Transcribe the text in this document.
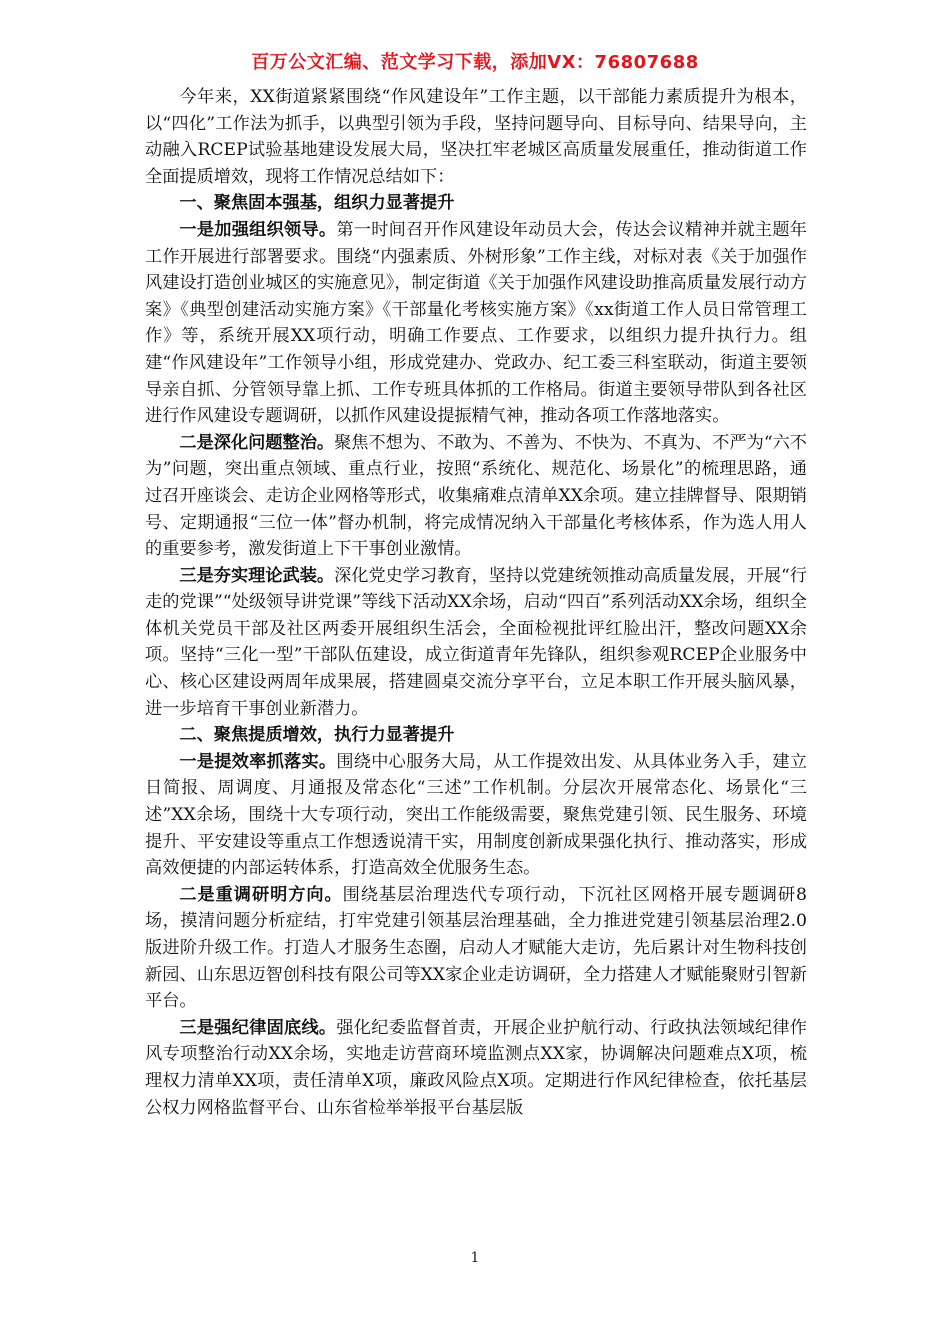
百万公文汇编、范文学习下载，添加VX：76807688

今年来，XX街道紧紧围绕“作风建设年”工作主题，以干部能力素质提升为根本，以“四化”工作法为抓手，以典型引领为手段，坚持问题导向、目标导向、结果导向，主动融入RCEP试验基地建设发展大局，坚决扛牢老城区高质量发展重任，推动街道工作全面提质增效，现将工作情况总结如下：

一、聚焦固本强基，组织力显著提升

一是加强组织领导。第一时间召开作风建设年动员大会，传达会议精神并就主题年工作开展进行部署要求。围绕“内强素质、外树形象”工作主线，对标对表《关于加强作风建设打造创业城区的实施意见》，制定街道《关于加强作风建设助推高质量发展行动方案》《典型创建活动实施方案》《干部量化考核实施方案》《xx街道工作人员日常管理工作》等，系统开展XX项行动，明确工作要点、工作要求，以组织力提升执行力。组建“作风建设年”工作领导小组，形成党建办、党政办、纪工委三科室联动，街道主要领导亲自抓、分管领导靠上抓、工作专班具体抓的工作格局。街道主要领导带队到各社区进行作风建设专题调研，以抓作风建设提振精气神，推动各项工作落地落实。

二是深化问题整治。聚焦不想为、不敢为、不善为、不快为、不真为、不严为“六不为”问题，突出重点领域、重点行业，按照“系统化、规范化、场景化”的梳理思路，通过召开座谈会、走访企业网格等形式，收集痛难点清单XX余项。建立挂牌督导、限期销号、定期通报“三位一体”督办机制，将完成情况纳入干部量化考核体系，作为选人用人的重要参考，激发街道上下干事创业激情。

三是夯实理论武装。深化党史学习教育，坚持以党建统领推动高质量发展，开展“行走的党课”“处级领导讲党课”等线下活动XX余场，启动“四百”系列活动XX余场，组织全体机关党员干部及社区两委开展组织生活会，全面检视批评红脸出汗，整改问题XX余项。坚持“三化一型”干部队伍建设，成立街道青年先锋队，组织参观RCEP企业服务中心、核心区建设两周年成果展，搭建圆桌交流分享平台，立足本职工作开展头脑风暴，进一步培育干事创业新潜力。

二、聚焦提质增效，执行力显著提升

一是提效率抓落实。围绕中心服务大局，从工作提效出发、从具体业务入手，建立日简报、周调度、月通报及常态化“三述”工作机制。分层次开展常态化、场景化“三述”XX余场，围绕十大专项行动，突出工作能级需要，聚焦党建引领、民生服务、环境提升、平安建设等重点工作想透说清干实，用制度创新成果强化执行、推动落实，形成高效便捷的内部运转体系，打造高效全优服务生态。

二是重调研明方向。围绕基层治理迭代专项行动，下沉社区网格开展专题调研8场，摸清问题分析症结，打牢党建引领基层治理基础，全力推进党建引领基层治理2.0版进阶升级工作。打造人才服务生态圈，启动人才赋能大走访，先后累计对生物科技创新园、山东思迈智创科技有限公司等XX家企业走访调研，全力搭建人才赋能聚财引智新平台。

三是强纪律固底线。强化纪委监督首责，开展企业护航行动、行政执法领域纪律作风专项整治行动XX余场，实地走访营商环境监测点XX家，协调解决问题难点X项，梳理权力清单XX项，责任清单X项，廉政风险点X项。定期进行作风纪律检查，依托基层公权力网格监督平台、山东省检举举报平台基层版

1
